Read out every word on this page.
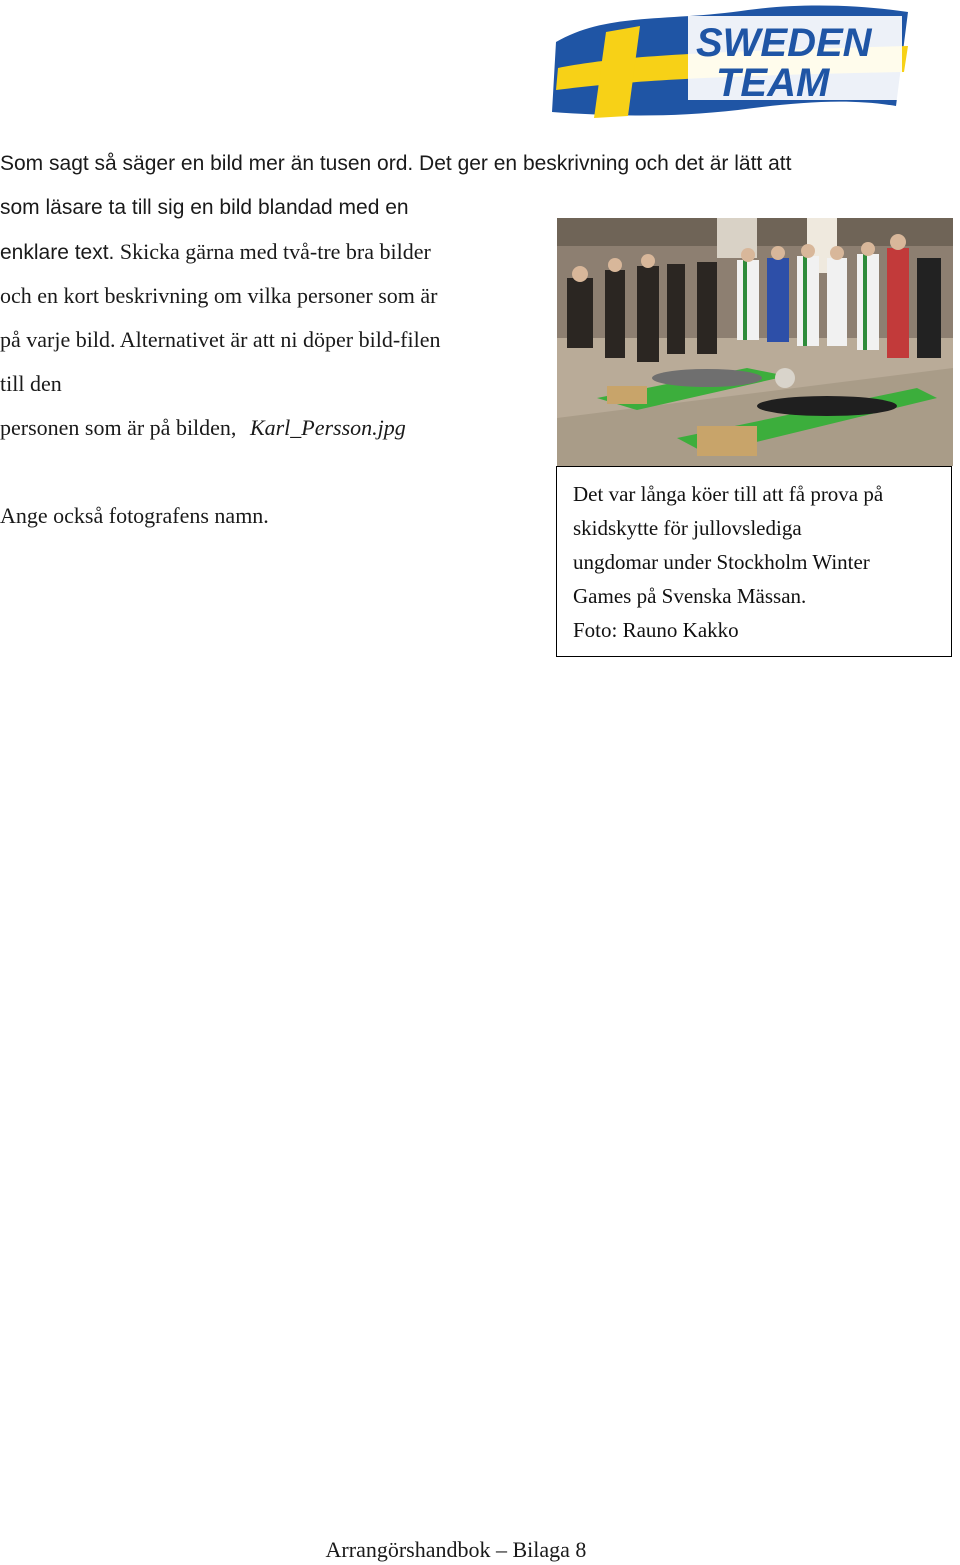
SWEDEN
TEAM
Som sagt så säger en bild mer än tusen ord. Det ger en beskrivning och det är lätt att
som läsare ta till sig en bild blandad med en
enklare text. Skicka gärna med två-tre bra bilder
och en kort beskrivning om vilka personer som är
på varje bild. Alternativet är att ni döper bild-filen
till den
personen som är på bilden, Karl_Persson.jpg
Ange också fotografens namn.
Det var långa köer till att få prova på
skidskytte för jullovslediga
ungdomar under Stockholm Winter
Games på Svenska Mässan.
Foto: Rauno Kakko
Arrangörshandbok – Bilaga 8
